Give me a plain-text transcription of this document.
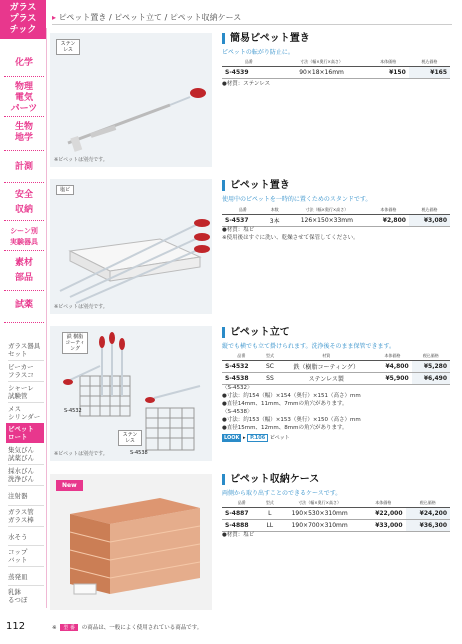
ガラス
プラス
チック
化学
物理
電気
パーツ
生物
地学
計測
安全
収納
シーン別
実験器具
素材
部品
試薬
ガラス器具
セット
ビーカー
フラスコ
シャーレ
試験管
メス
シリンダー
ピペット
ロート
集気びん
試薬びん
採水びん
洗浄びん
注射器
ガラス管
ガラス棒
水そう
コップ
バット
蒸発皿
乳鉢
るつぼ
▸ ピペット置き / ピペット立て / ピペット収納ケース
ステン レス
※ピペットは別売です。
簡易ピペット置き
ピペットの転がり防止に。
品番	寸法（幅×奥行×高さ）	本体価格	税込価格
S-4539	90×18×16mm	¥150	¥165
●材質：ステンレス
塩ビ
※ピペットは別売です。
ピペット置き
使用中のピペットを一時的に置くためのスタンドです。
品番	本数	寸法（幅×奥行×高さ）	本体価格	税込価格
S-4537	3本	126×150×33mm	¥2,800	¥3,080
●材質：塩ビ
※使用後はすぐに洗い、乾燥させて保管してください。
鉄 樹脂 コーティング
ステン レス
S-4532
S-4538
※ピペットは別売です。
ピペット立て
縦でも横でも立て掛けられます。洗浄後そのまま保管できます。
品番	型式	材質	本体価格	税込価格
S-4532	SC	鉄（樹脂コーティング）	¥4,800	¥5,280
S-4538	SS	ステンレス製	¥5,900	¥6,490
〈S-4532〉
●寸法：約154（幅）×154（奥行）×151（高さ）mm
●直径14mm、11mm、7mmの角穴があります。
〈S-4538〉
●寸法：約153（幅）×153（奥行）×150（高さ）mm
●直径15mm、12mm、8mmの角穴があります。
LOOK ▸ P.106 ピペット
New
ピペット収納ケース
両側から取り出すことのできるケースです。
品番	型式	寸法（幅×奥行×高さ）	本体価格	税込価格
S-4887	L	190×530×310mm	¥22,000	¥24,200
S-4888	LL	190×700×310mm	¥33,000	¥36,300
●材質：塩ビ
112	※ 型 番 の商品は、一般によく使用されている商品です。
